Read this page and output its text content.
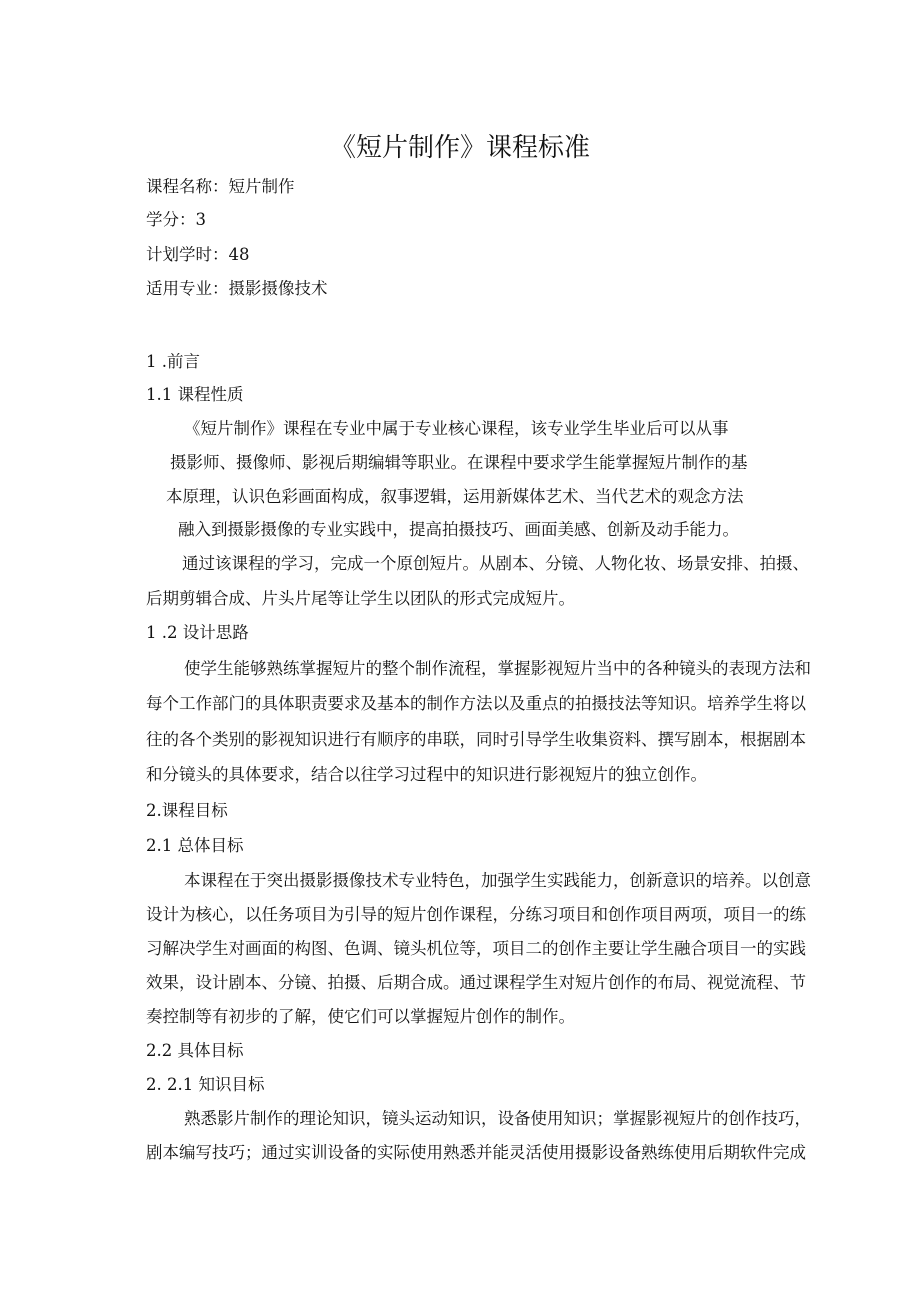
《短片制作》课程标准
课程名称：短片制作
学分：3
计划学时：48
适用专业：摄影摄像技术
1 .前言
1.1 课程性质
《短片制作》课程在专业中属于专业核心课程，该专业学生毕业后可以从事
摄影师、摄像师、影视后期编辑等职业。在课程中要求学生能掌握短片制作的基
本原理，认识色彩画面构成，叙事逻辑，运用新媒体艺术、当代艺术的观念方法
融入到摄影摄像的专业实践中，提高拍摄技巧、画面美感、创新及动手能力。
通过该课程的学习，完成一个原创短片。从剧本、分镜、人物化妆、场景安排、拍摄、
后期剪辑合成、片头片尾等让学生以团队的形式完成短片。
1 .2 设计思路
使学生能够熟练掌握短片的整个制作流程，掌握影视短片当中的各种镜头的表现方法和
每个工作部门的具体职责要求及基本的制作方法以及重点的拍摄技法等知识。培养学生将以
往的各个类别的影视知识进行有顺序的串联，同时引导学生收集资料、撰写剧本，根据剧本
和分镜头的具体要求，结合以往学习过程中的知识进行影视短片的独立创作。
2.课程目标
2.1 总体目标
本课程在于突出摄影摄像技术专业特色，加强学生实践能力，创新意识的培养。以创意
设计为核心，以任务项目为引导的短片创作课程，分练习项目和创作项目两项，项目一的练
习解决学生对画面的构图、色调、镜头机位等，项目二的创作主要让学生融合项目一的实践
效果，设计剧本、分镜、拍摄、后期合成。通过课程学生对短片创作的布局、视觉流程、节
奏控制等有初步的了解，使它们可以掌握短片创作的制作。
2.2 具体目标
2. 2.1 知识目标
熟悉影片制作的理论知识，镜头运动知识，设备使用知识；掌握影视短片的创作技巧，
剧本编写技巧；通过实训设备的实际使用熟悉并能灵活使用摄影设备熟练使用后期软件完成
